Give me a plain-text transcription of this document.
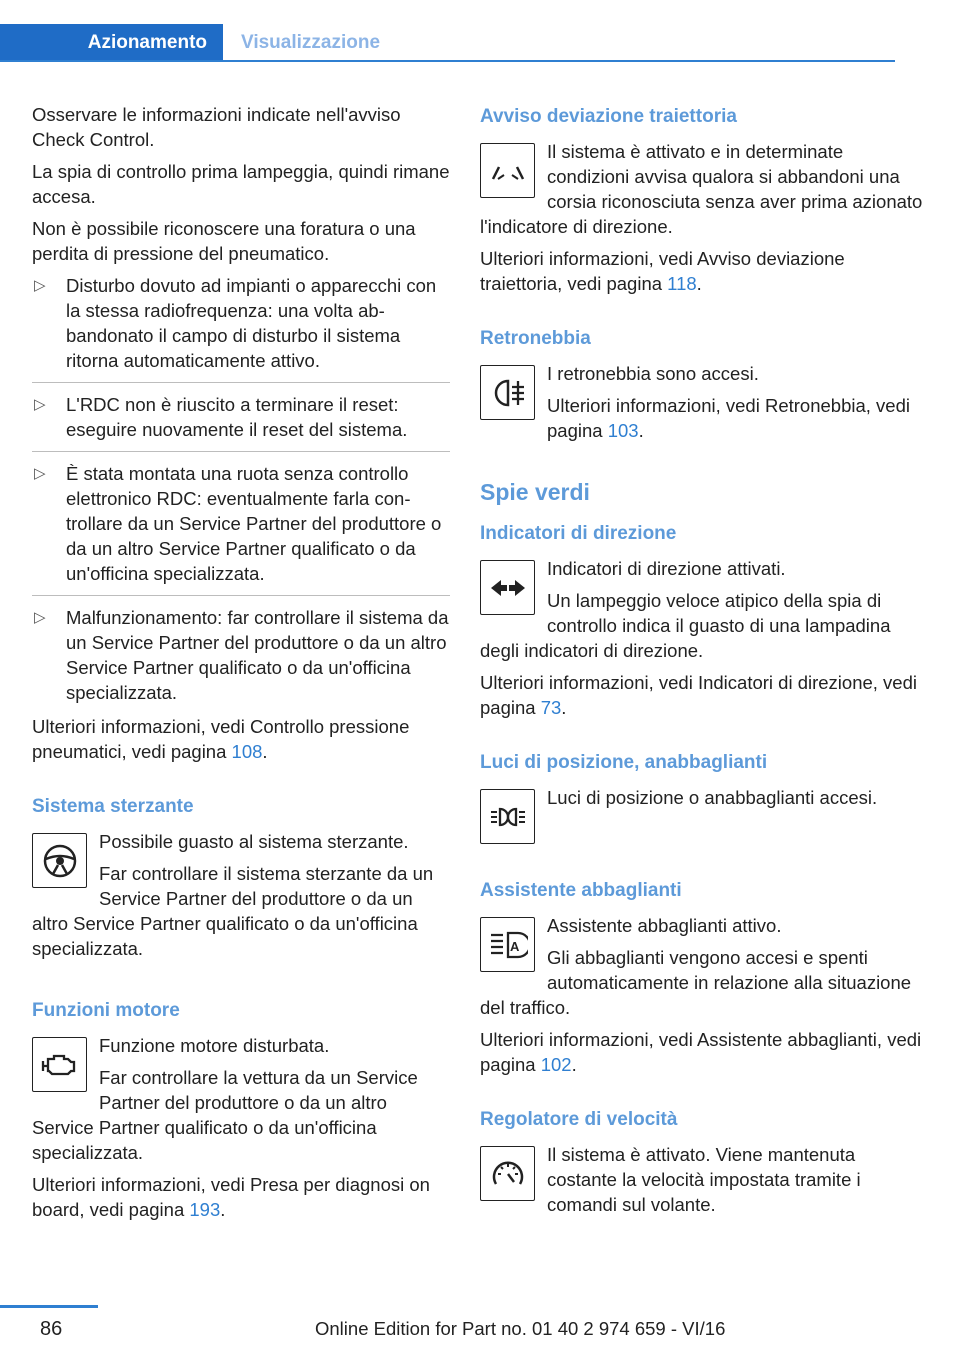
Azionamento	Visualizzazione

Osservare le informazioni indicate nell'avviso Check Control.

La spia di controllo prima lampeggia, quindi rimane accesa.

Non è possibile riconoscere una foratura o una perdita di pressione del pneumatico.

▷ Disturbo dovuto ad impianti o apparecchi con la stessa radiofrequenza: una volta abbandonato il campo di disturbo il sistema ritorna automaticamente attivo.
▷ L'RDC non è riuscito a terminare il reset: eseguire nuovamente il reset del sistema.
▷ È stata montata una ruota senza controllo elettronico RDC: eventualmente farla controllare da un Service Partner del produttore o da un altro Service Partner qualificato o da un'officina specializzata.
▷ Malfunzionamento: far controllare il sistema da un Service Partner del produttore o da un altro Service Partner qualificato o da un'officina specializzata.

Ulteriori informazioni, vedi Controllo pressione pneumatici, vedi pagina 108.

Sistema sterzante

Possibile guasto al sistema sterzante.

Far controllare il sistema sterzante da un Service Partner del produttore o da un altro Service Partner qualificato o da un'officina specializzata.

Funzioni motore

Funzione motore disturbata.

Far controllare la vettura da un Service Partner del produttore o da un altro Service Partner qualificato o da un'officina specializzata.

Ulteriori informazioni, vedi Presa per diagnosi on board, vedi pagina 193.

Avviso deviazione traiettoria

Il sistema è attivato e in determinate condizioni avvisa qualora si abbandoni una corsia riconosciuta senza aver prima azionato l'indicatore di direzione.

Ulteriori informazioni, vedi Avviso deviazione traiettoria, vedi pagina 118.

Retronebbia

I retronebbia sono accesi.

Ulteriori informazioni, vedi Retronebbia, vedi pagina 103.

Spie verdi
Indicatori di direzione

Indicatori di direzione attivati.

Un lampeggio veloce atipico della spia di controllo indica il guasto di una lampadina degli indicatori di direzione.

Ulteriori informazioni, vedi Indicatori di direzione, vedi pagina 73.

Luci di posizione, anabbaglianti

Luci di posizione o anabbaglianti accesi.

Assistente abbaglianti
A

Assistente abbaglianti attivo.

Gli abbaglianti vengono accesi e spenti automaticamente in relazione alla situazione del traffico.

Ulteriori informazioni, vedi Assistente abbaglianti, vedi pagina 102.

Regolatore di velocità

Il sistema è attivato. Viene mantenuta costante la velocità impostata tramite i comandi sul volante.

86	Online Edition for Part no. 01 40 2 974 659 - VI/16
